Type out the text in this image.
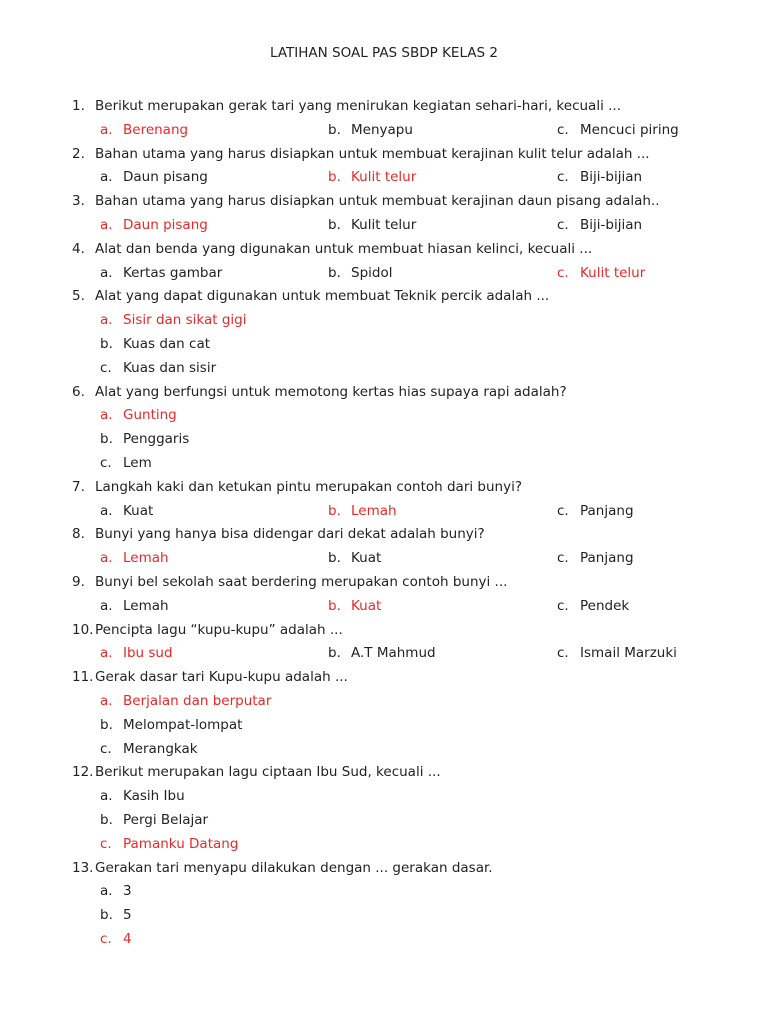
LATIHAN SOAL PAS SBDP KELAS 2
1. Berikut merupakan gerak tari yang menirukan kegiatan sehari-hari, kecuali ...
a. Berenang	b. Menyapu	c. Mencuci piring
2. Bahan utama yang harus disiapkan untuk membuat kerajinan kulit telur adalah ...
a. Daun pisang	b. Kulit telur	c. Biji-bijian
3. Bahan utama yang harus disiapkan untuk membuat kerajinan daun pisang adalah..
a. Daun pisang	b. Kulit telur	c. Biji-bijian
4. Alat dan benda yang digunakan untuk membuat hiasan kelinci, kecuali ...
a. Kertas gambar	b. Spidol	c. Kulit telur
5. Alat yang dapat digunakan untuk membuat Teknik percik adalah ...
a. Sisir dan sikat gigi
b. Kuas dan cat
c. Kuas dan sisir
6. Alat yang berfungsi untuk memotong kertas hias supaya rapi adalah?
a. Gunting
b. Penggaris
c. Lem
7. Langkah kaki dan ketukan pintu merupakan contoh dari bunyi?
a. Kuat	b. Lemah	c. Panjang
8. Bunyi yang hanya bisa didengar dari dekat adalah bunyi?
a. Lemah	b. Kuat	c. Panjang
9. Bunyi bel sekolah saat berdering merupakan contoh bunyi ...
a. Lemah	b. Kuat	c. Pendek
10. Pencipta lagu “kupu-kupu” adalah ...
a. Ibu sud	b. A.T Mahmud	c. Ismail Marzuki
11. Gerak dasar tari Kupu-kupu adalah ...
a. Berjalan dan berputar
b. Melompat-lompat
c. Merangkak
12. Berikut merupakan lagu ciptaan Ibu Sud, kecuali ...
a. Kasih Ibu
b. Pergi Belajar
c. Pamanku Datang
13. Gerakan tari menyapu dilakukan dengan ... gerakan dasar.
a. 3
b. 5
c. 4
